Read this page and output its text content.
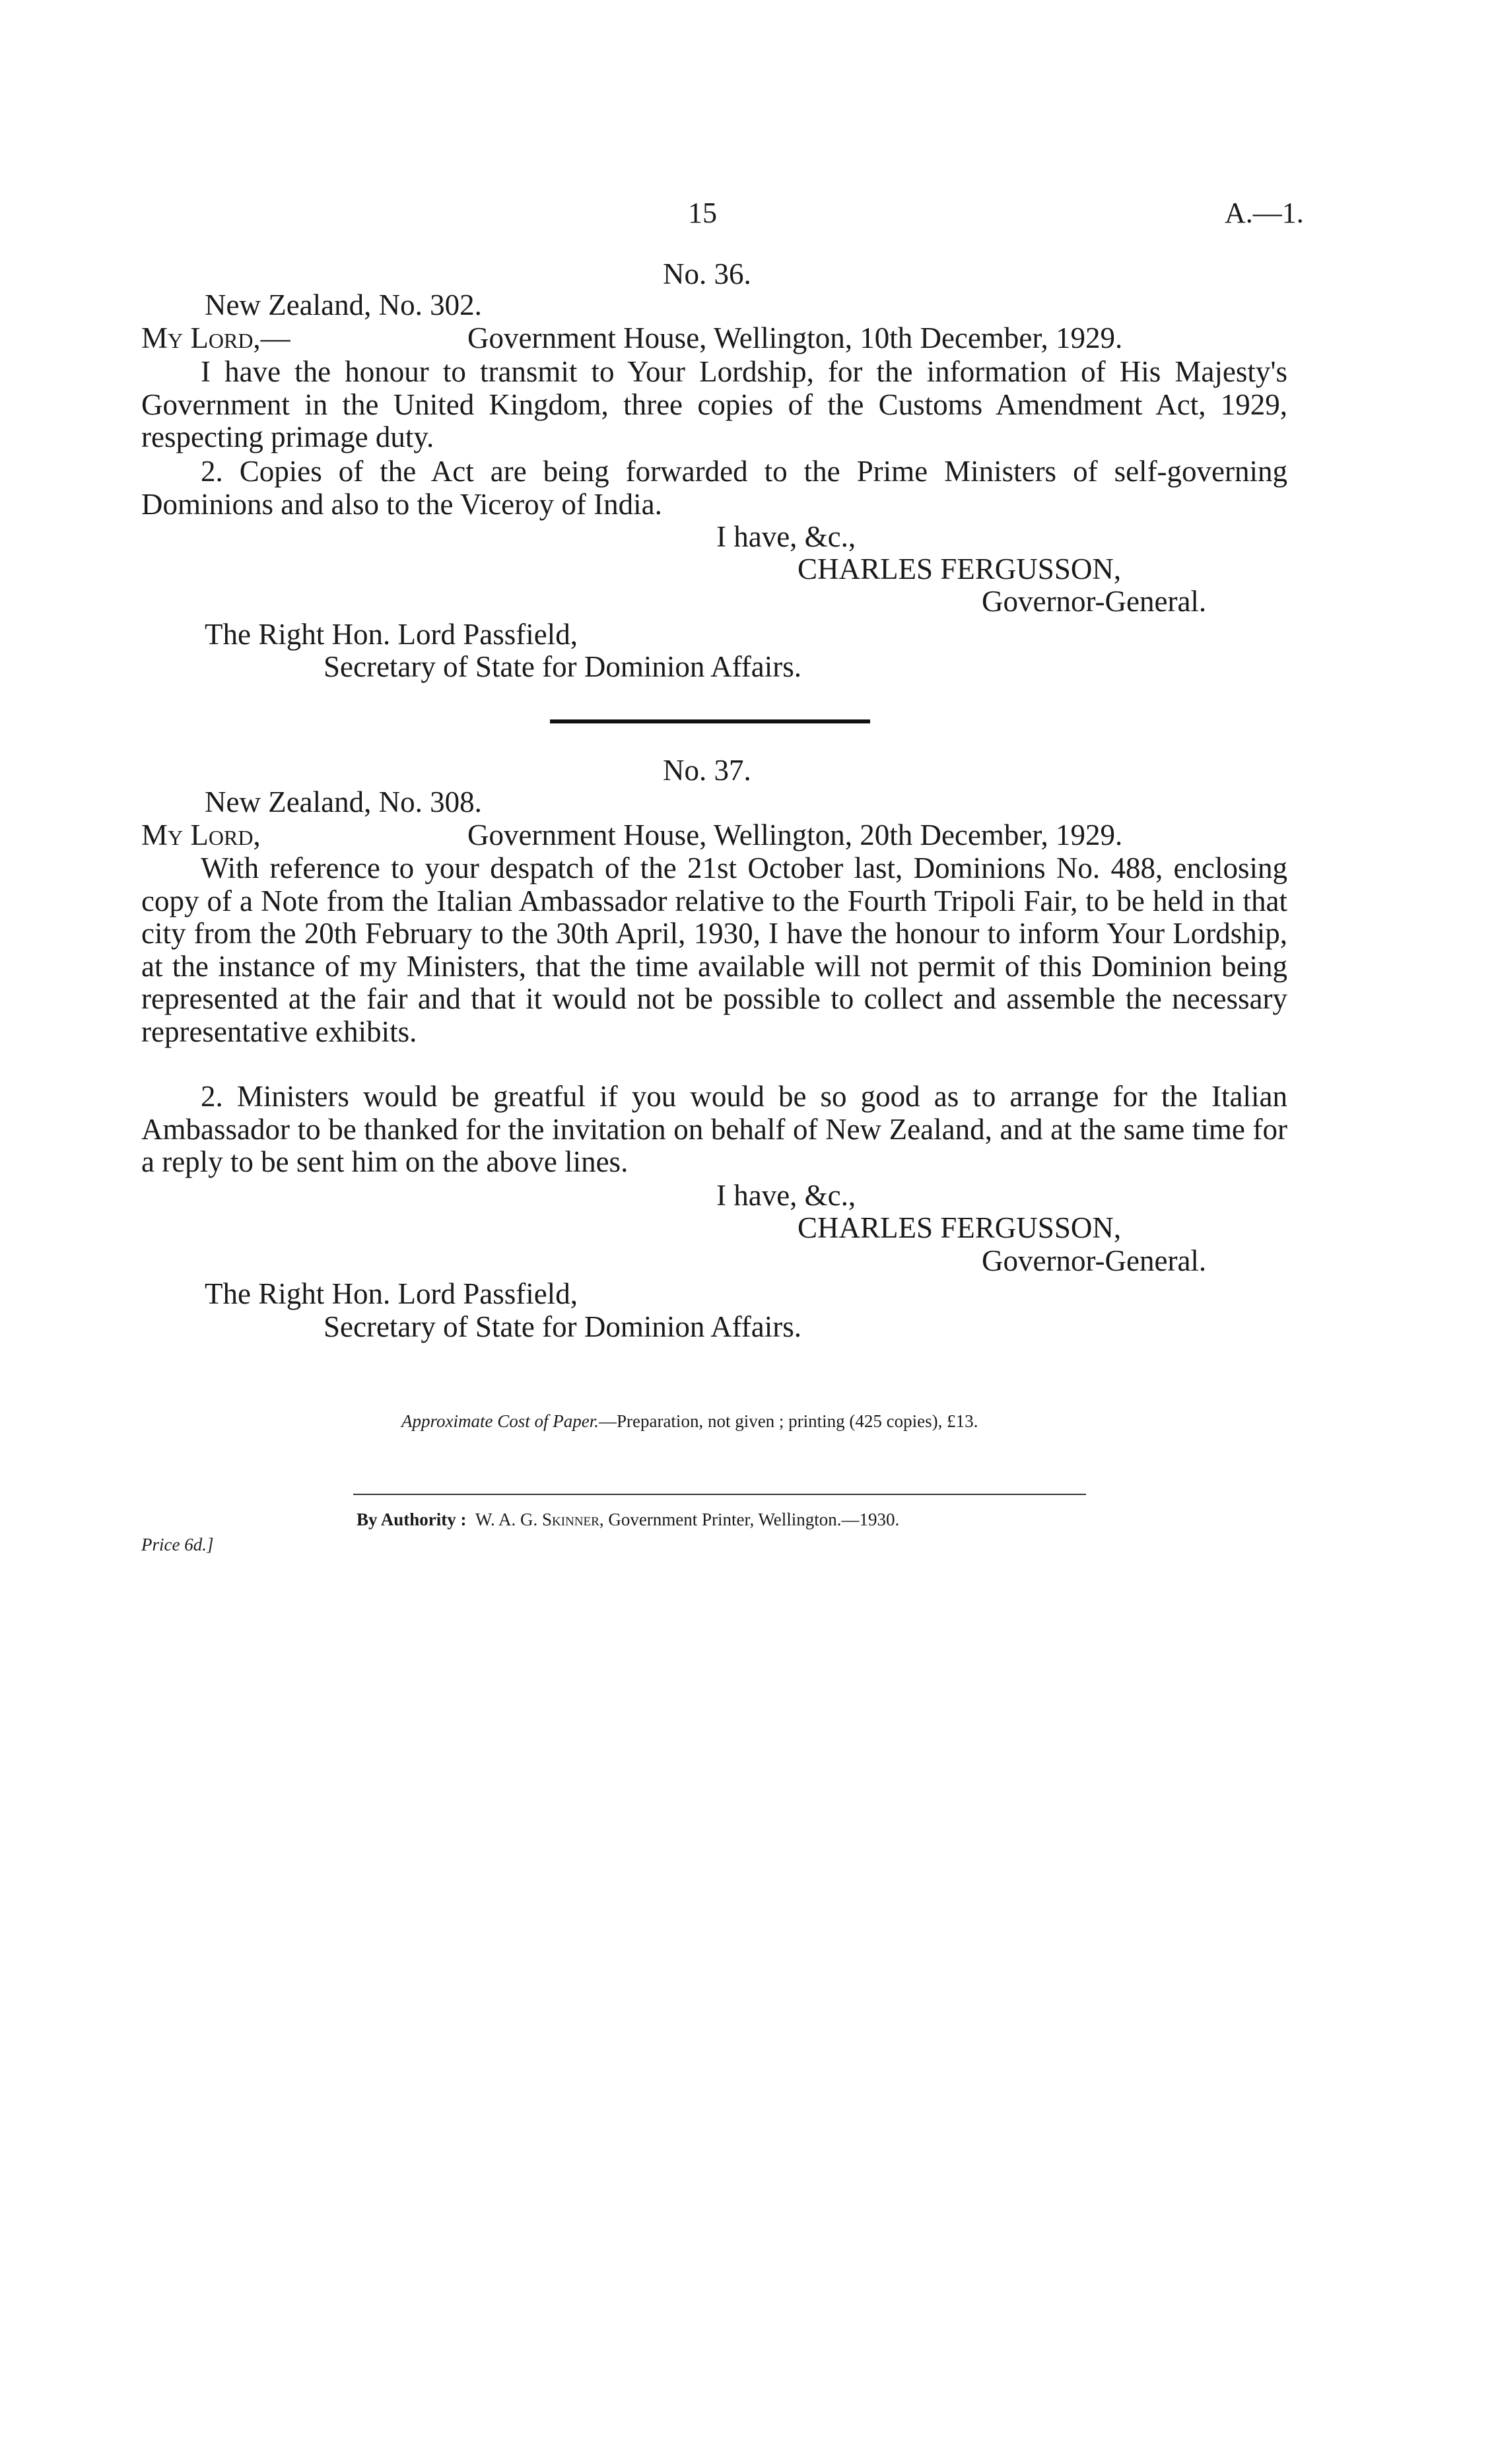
15	A.—1.
No. 36.
New Zealand, No. 302.
My Lord,—	Government House, Wellington, 10th December, 1929.
I have the honour to transmit to Your Lordship, for the information of His Majesty's Government in the United Kingdom, three copies of the Customs Amendment Act, 1929, respecting primage duty.
2. Copies of the Act are being forwarded to the Prime Ministers of self-governing Dominions and also to the Viceroy of India.
I have, &c.,
CHARLES FERGUSSON,
Governor-General.
The Right Hon. Lord Passfield,
Secretary of State for Dominion Affairs.
No. 37.
New Zealand, No. 308.
My Lord,	Government House, Wellington, 20th December, 1929.
With reference to your despatch of the 21st October last, Dominions No. 488, enclosing copy of a Note from the Italian Ambassador relative to the Fourth Tripoli Fair, to be held in that city from the 20th February to the 30th April, 1930, I have the honour to inform Your Lordship, at the instance of my Ministers, that the time available will not permit of this Dominion being represented at the fair and that it would not be possible to collect and assemble the necessary representative exhibits.
2. Ministers would be greatful if you would be so good as to arrange for the Italian Ambassador to be thanked for the invitation on behalf of New Zealand, and at the same time for a reply to be sent him on the above lines.
I have, &c.,
CHARLES FERGUSSON,
Governor-General.
The Right Hon. Lord Passfield,
Secretary of State for Dominion Affairs.
Approximate Cost of Paper.—Preparation, not given ; printing (425 copies), £13.
By Authority : W. A. G. Skinner, Government Printer, Wellington.—1930.
Price 6d.]
